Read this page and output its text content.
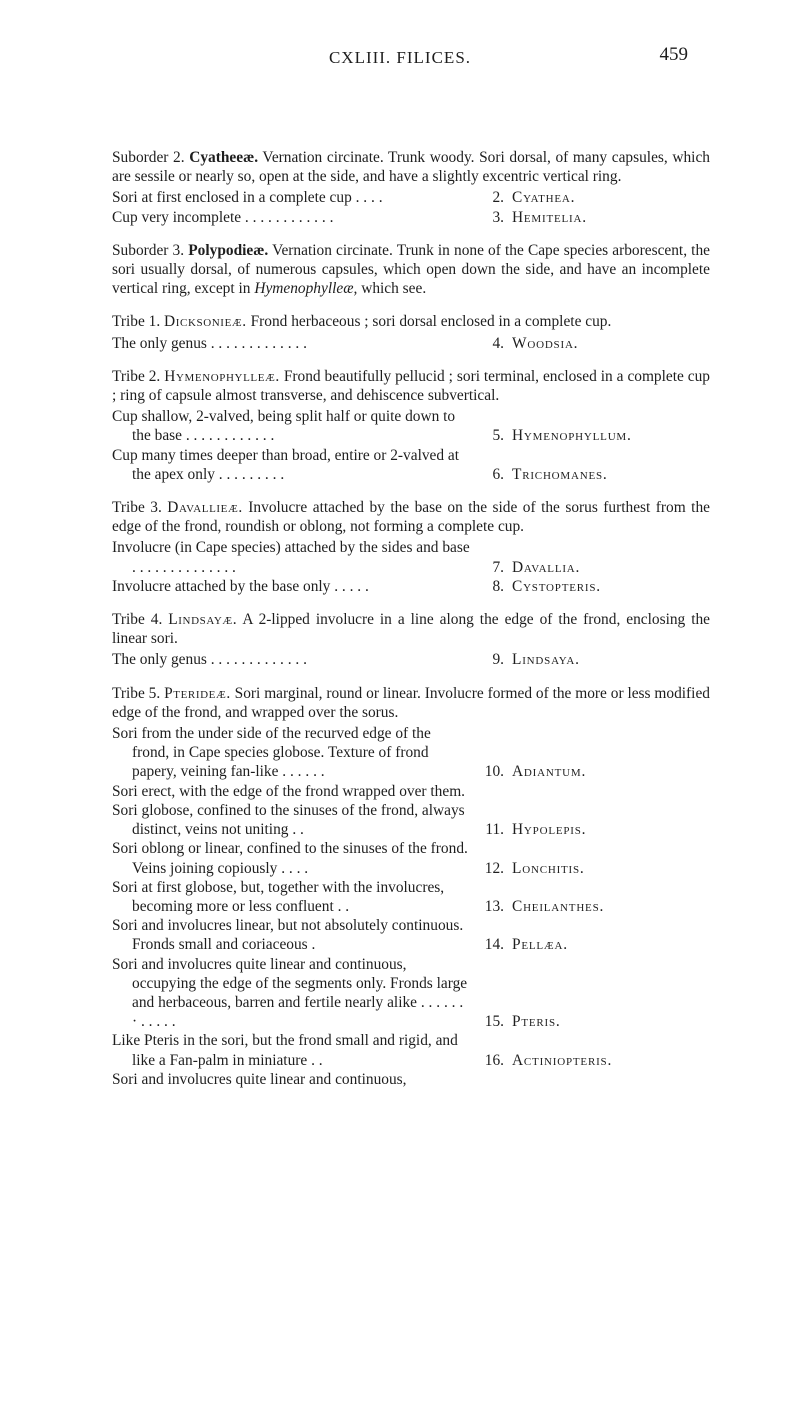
CXLIII. FILICES.	459

Suborder 2. Cyatheeæ. Vernation circinate. Trunk woody. Sori dorsal, of many capsules, which are sessile or nearly so, open at the side, and have a slightly excentric vertical ring.

Sori at first enclosed in a complete cup . . . .	2. Cyathea.
Cup very incomplete . . . . . . . . . . . .	3. Hemitelia.

Suborder 3. Polypodieæ. Vernation circinate. Trunk in none of the Cape species arborescent, the sori usually dorsal, of numerous capsules, which open down the side, and have an incomplete vertical ring, except in Hymenophylleæ, which see.

Tribe 1. Dicksonieæ. Frond herbaceous ; sori dorsal enclosed in a complete cup.

The only genus . . . . . . . . . . . . .	4. Woodsia.

Tribe 2. Hymenophylleæ. Frond beautifully pellucid ; sori terminal, enclosed in a complete cup ; ring of capsule almost transverse, and dehiscence subvertical.

Cup shallow, 2-valved, being split half or quite down to the base . . . . . . . . . . . .	5. Hymenophyllum.
Cup many times deeper than broad, entire or 2-valved at the apex only . . . . . . . . .	6. Trichomanes.

Tribe 3. Davallieæ. Involucre attached by the base on the side of the sorus furthest from the edge of the frond, roundish or oblong, not forming a complete cup.

Involucre (in Cape species) attached by the sides and base . . . . . . . . . . . . . .	7. Davallia.
Involucre attached by the base only . . . . .	8. Cystopteris.

Tribe 4. Lindsayæ. A 2-lipped involucre in a line along the edge of the frond, enclosing the linear sori.

The only genus . . . . . . . . . . . . .	9. Lindsaya.

Tribe 5. Pterideæ. Sori marginal, round or linear. Involucre formed of the more or less modified edge of the frond, and wrapped over the sorus.

Sori from the under side of the recurved edge of the frond, in Cape species globose. Texture of frond papery, veining fan-like . . . . . .	10. Adiantum.
Sori erect, with the edge of the frond wrapped over them.
Sori globose, confined to the sinuses of the frond, always distinct, veins not uniting . .	11. Hypolepis.
Sori oblong or linear, confined to the sinuses of the frond. Veins joining copiously . . . .	12. Lonchitis.
Sori at first globose, but, together with the involucres, becoming more or less confluent . .	13. Cheilanthes.
Sori and involucres linear, but not absolutely continuous. Fronds small and coriaceous .	14. Pellæa.
Sori and involucres quite linear and continuous, occupying the edge of the segments only. Fronds large and herbaceous, barren and fertile nearly alike . . . . . . · . . . . .	15. Pteris.
Like Pteris in the sori, but the frond small and rigid, and like a Fan-palm in miniature . .	16. Actiniopteris.
Sori and involucres quite linear and continuous,
